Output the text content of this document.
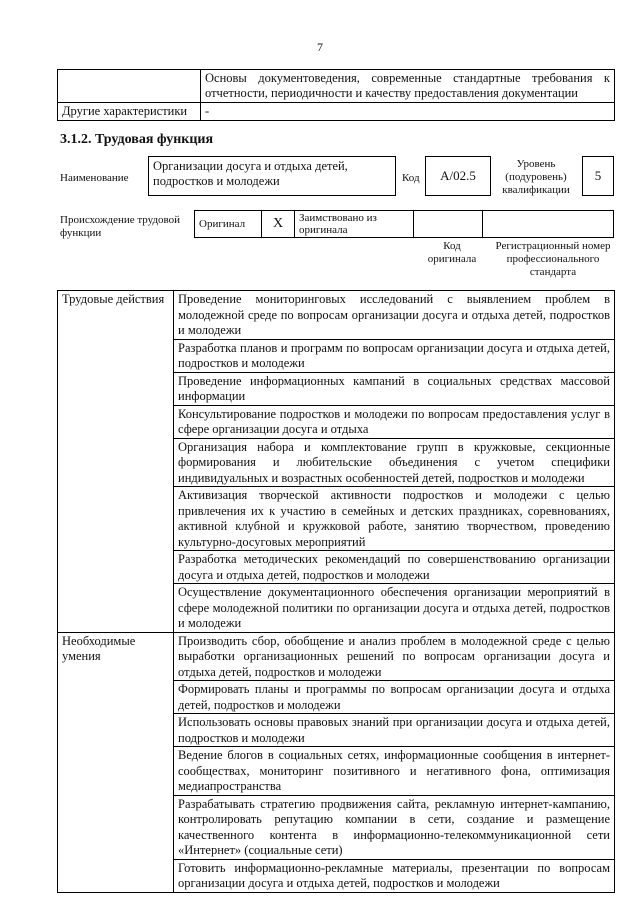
7
	Основы документоведения, современные стандартные требования к отчетности, периодичности и качеству предоставления документации
Другие характеристики	-
3.1.2. Трудовая функция
Наименование
Организации досуга и отдыха детей, подростков и молодежи	Код	A/02.5
Уровень (подуровень) квалификации
5
Происхождение трудовой функции
Оригинал	X	Заимствовано из оригинала		
Код оригинала
Регистрационный номер профессионального стандарта
Трудовые действия	Проведение мониторинговых исследований с выявлением проблем в молодежной среде по вопросам организации досуга и отдыха детей, подростков и молодежи
	Разработка планов и программ по вопросам организации досуга и отдыха детей, подростков и молодежи
	Проведение информационных кампаний в социальных средствах массовой информации
	Консультирование подростков и молодежи по вопросам предоставления услуг в сфере организации досуга и отдыха
	Организация набора и комплектование групп в кружковые, секционные формирования и любительские объединения с учетом специфики индивидуальных и возрастных особенностей детей, подростков и молодежи
	Активизация творческой активности подростков и молодежи с целью привлечения их к участию в семейных и детских праздниках, соревнованиях, активной клубной и кружковой работе, занятию творчеством, проведению культурно-досуговых мероприятий
	Разработка методических рекомендаций по совершенствованию организации досуга и отдыха детей, подростков и молодежи
	Осуществление документационного обеспечения организации мероприятий в сфере молодежной политики по организации досуга и отдыха детей, подростков и молодежи
Необходимые умения	Производить сбор, обобщение и анализ проблем в молодежной среде с целью выработки организационных решений по вопросам организации досуга и отдыха детей, подростков и молодежи
	Формировать планы и программы по вопросам организации досуга и отдыха детей, подростков и молодежи
	Использовать основы правовых знаний при организации досуга и отдыха детей, подростков и молодежи
	Ведение блогов в социальных сетях, информационные сообщения в интернет-сообществах, мониторинг позитивного и негативного фона, оптимизация медиапространства
	Разрабатывать стратегию продвижения сайта, рекламную интернет-кампанию, контролировать репутацию компании в сети, создание и размещение качественного контента в информационно-телекоммуникационной сети «Интернет» (социальные сети)
	Готовить информационно-рекламные материалы, презентации по вопросам организации досуга и отдыха детей, подростков и молодежи
